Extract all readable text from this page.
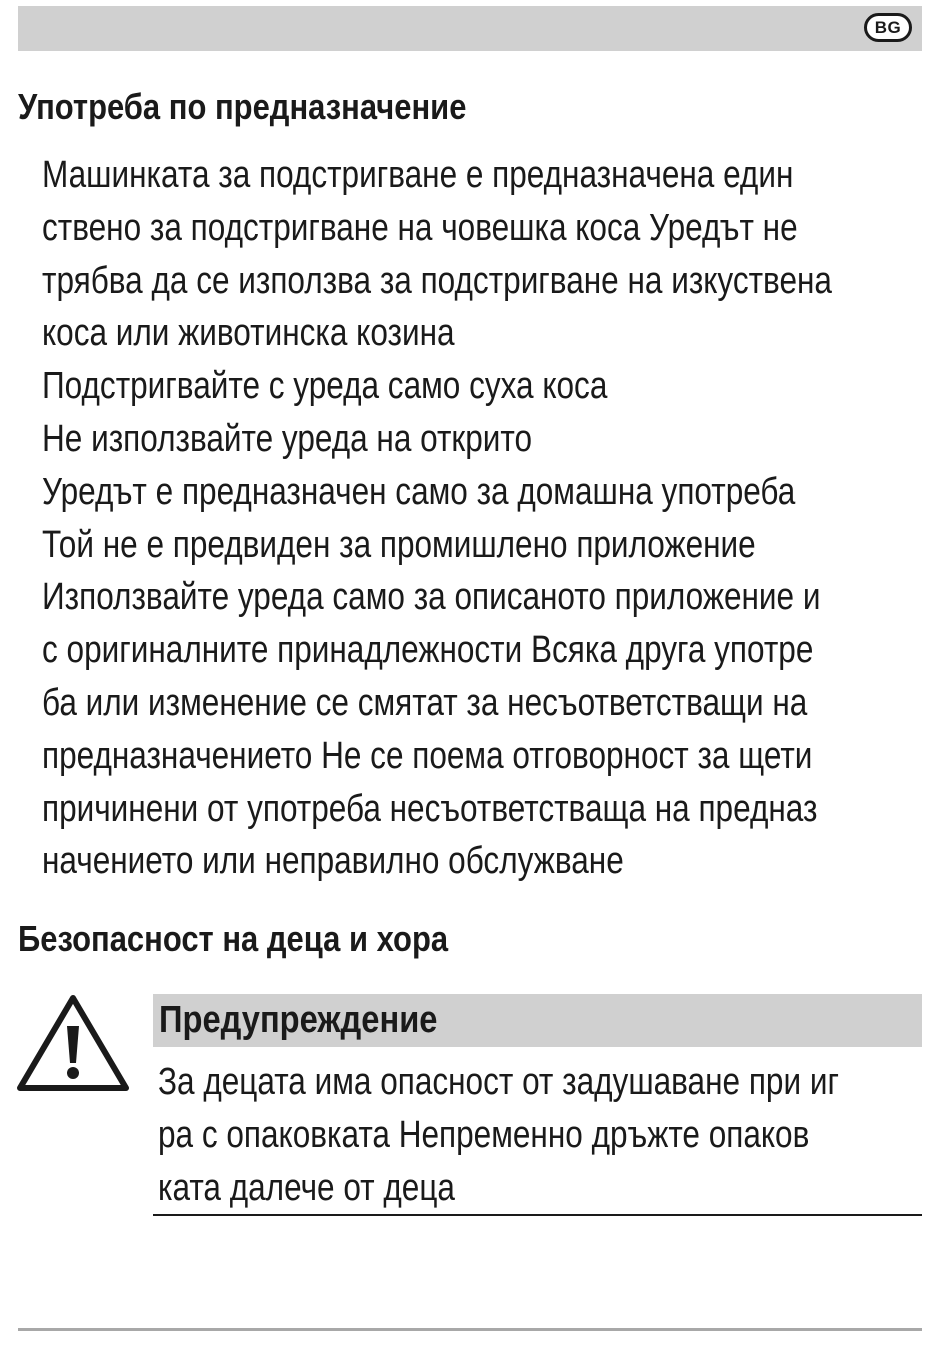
BG
Употреба по предназначение
Машинката за подстригване е предназначена един
ствено за подстригване на човешка коса Уредът не
трябва да се използва за подстригване на изкуствена
коса или животинска козина
Подстригвайте с уреда само суха коса
Не използвайте уреда на открито
Уредът е предназначен само за домашна употреба
Той не е предвиден за промишлено приложение
Използвайте уреда само за описаното приложение и
с оригиналните принадлежности Всяка друга употре
ба или изменение се смятат за несъответстващи на
предназначението Не се поема отговорност за щети
причинени от употреба несъответстваща на предназ
начението или неправилно обслужване
Безопасност на деца и хора
Предупреждение
За децата има опасност от задушаване при иг
ра с опаковката Непременно дръжте опаков
ката далече от деца
